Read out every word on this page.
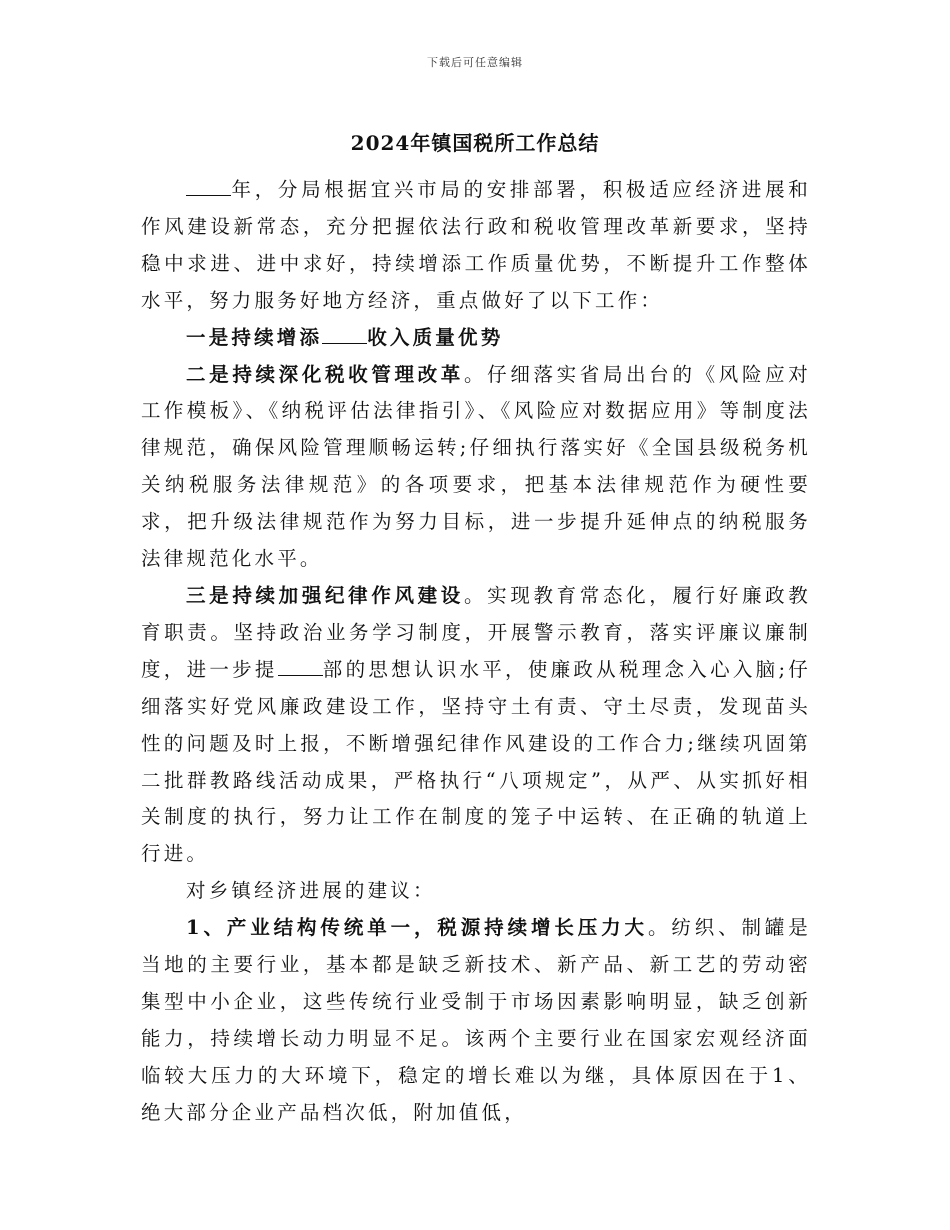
下载后可任意编辑
2024年镇国税所工作总结

年，分局根据宜兴市局的安排部署，积极适应经济进展和作风建设新常态，充分把握依法行政和税收管理改革新要求，坚持稳中求进、进中求好，持续增添工作质量优势，不断提升工作整体水平，努力服务好地方经济，重点做好了以下工作：

一是持续增添 收入质量优势

二是持续深化税收管理改革。仔细落实省局出台的《风险应对工作模板》、《纳税评估法律指引》、《风险应对数据应用》等制度法律规范，确保风险管理顺畅运转;仔细执行落实好《全国县级税务机关纳税服务法律规范》的各项要求，把基本法律规范作为硬性要求，把升级法律规范作为努力目标，进一步提升延伸点的纳税服务法律规范化水平。

三是持续加强纪律作风建设。实现教育常态化，履行好廉政教育职责。坚持政治业务学习制度，开展警示教育，落实评廉议廉制度，进一步提 部的思想认识水平，使廉政从税理念入心入脑;仔细落实好党风廉政建设工作，坚持守土有责、守土尽责，发现苗头性的问题及时上报，不断增强纪律作风建设的工作合力;继续巩固第二批群教路线活动成果，严格执行“八项规定”，从严、从实抓好相关制度的执行，努力让工作在制度的笼子中运转、在正确的轨道上行进。

对乡镇经济进展的建议：

1、产业结构传统单一，税源持续增长压力大。纺织、制罐是当地的主要行业，基本都是缺乏新技术、新产品、新工艺的劳动密集型中小企业，这些传统行业受制于市场因素影响明显，缺乏创新能力，持续增长动力明显不足。该两个主要行业在国家宏观经济面临较大压力的大环境下，稳定的增长难以为继，具体原因在于1、绝大部分企业产品档次低，附加值低，
